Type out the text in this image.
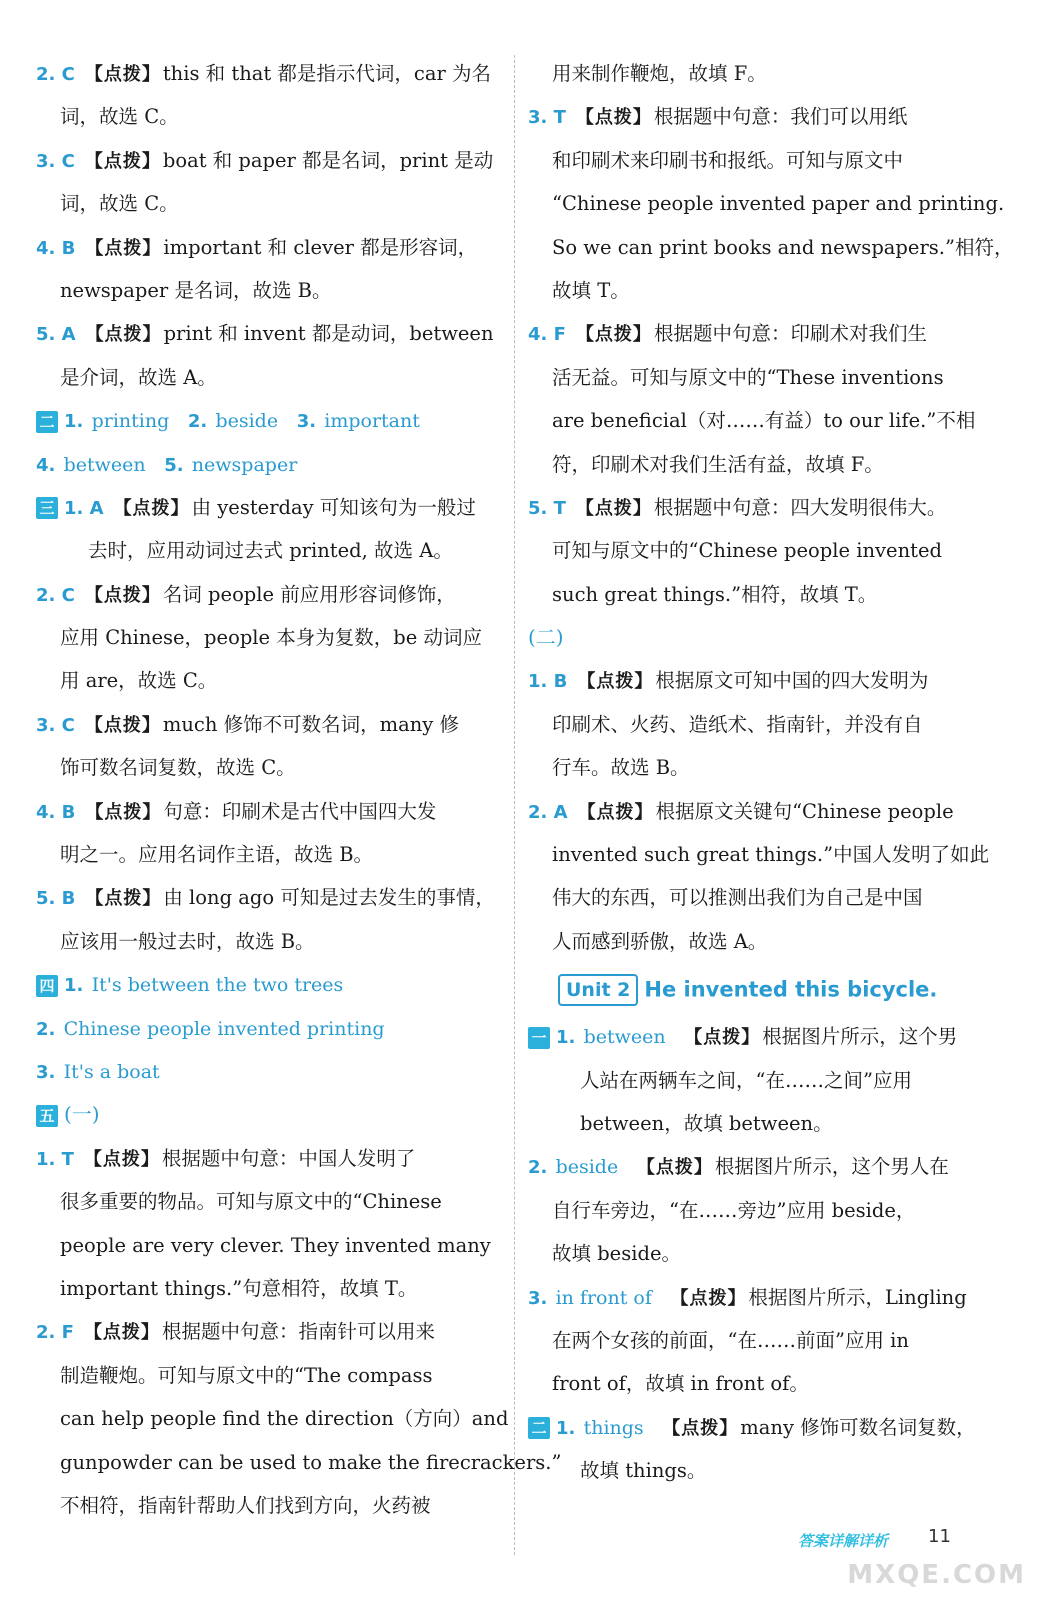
2. C 【点拨】 this 和 that 都是指示代词，car 为名
词，故选 C。
3. C 【点拨】 boat 和 paper 都是名词，print 是动
词，故选 C。
4. B 【点拨】 important 和 clever 都是形容词，
newspaper 是名词，故选 B。
5. A 【点拨】 print 和 invent 都是动词，between
是介词，故选 A。
二 1. printing 2. beside 3. important
4. between 5. newspaper
三 1. A 【点拨】 由 yesterday 可知该句为一般过
去时，应用动词过去式 printed, 故选 A。
2. C 【点拨】 名词 people 前应用形容词修饰，
应用 Chinese，people 本身为复数，be 动词应
用 are，故选 C。
3. C 【点拨】 much 修饰不可数名词，many 修
饰可数名词复数，故选 C。
4. B 【点拨】 句意：印刷术是古代中国四大发
明之一。应用名词作主语，故选 B。
5. B 【点拨】 由 long ago 可知是过去发生的事情，
应该用一般过去时，故选 B。
四 1. It's between the two trees
2. Chinese people invented printing
3. It's a boat
五 (一)
1. T 【点拨】 根据题中句意：中国人发明了
很多重要的物品。可知与原文中的“Chinese
people are very clever. They invented many
important things.”句意相符，故填 T。
2. F 【点拨】 根据题中句意：指南针可以用来
制造鞭炮。可知与原文中的“The compass
can help people find the direction（方向）and
gunpowder can be used to make the firecrackers.”
不相符，指南针帮助人们找到方向，火药被
用来制作鞭炮，故填 F。
3. T 【点拨】 根据题中句意：我们可以用纸
和印刷术来印刷书和报纸。可知与原文中
“Chinese people invented paper and printing.
So we can print books and newspapers.”相符，
故填 T。
4. F 【点拨】 根据题中句意：印刷术对我们生
活无益。可知与原文中的“These inventions
are beneficial（对……有益）to our life.”不相
符，印刷术对我们生活有益，故填 F。
5. T 【点拨】 根据题中句意：四大发明很伟大。
可知与原文中的“Chinese people invented
such great things.”相符，故填 T。
(二)
1. B 【点拨】 根据原文可知中国的四大发明为
印刷术、火药、造纸术、指南针，并没有自
行车。故选 B。
2. A 【点拨】 根据原文关键句“Chinese people
invented such great things.”中国人发明了如此
伟大的东西，可以推测出我们为自己是中国
人而感到骄傲，故选 A。
Unit 2 He invented this bicycle.
一 1. between 【点拨】 根据图片所示，这个男
人站在两辆车之间，“在……之间”应用
between，故填 between。
2. beside 【点拨】 根据图片所示，这个男人在
自行车旁边，“在……旁边”应用 beside，
故填 beside。
3. in front of 【点拨】 根据图片所示，Lingling
在两个女孩的前面，“在……前面”应用 in
front of，故填 in front of。
二 1. things 【点拨】 many 修饰可数名词复数，
故填 things。
答案详解详析 11
MXQE.COM
